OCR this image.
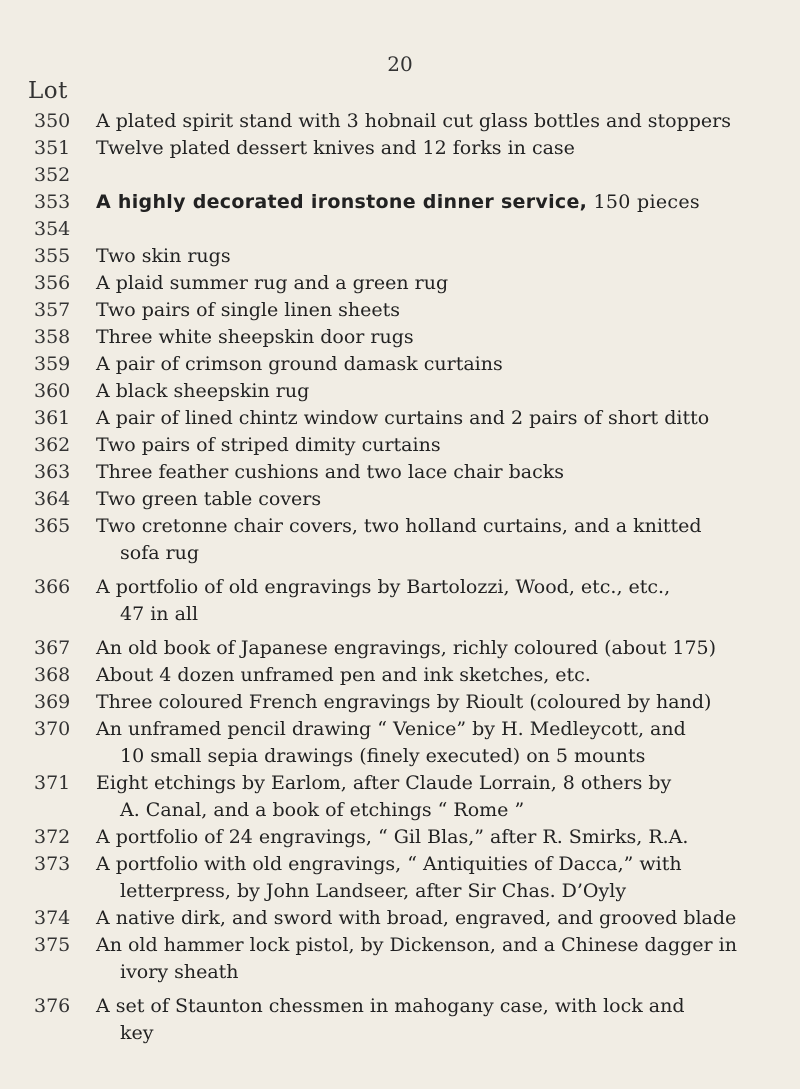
20
Lot
350	A plated spirit stand with 3 hobnail cut glass bottles and stoppers
351	Twelve plated dessert knives and 12 forks in case
352
353	A highly decorated ironstone dinner service, 150 pieces
354
355	Two skin rugs
356	A plaid summer rug and a green rug
357	Two pairs of single linen sheets
358	Three white sheepskin door rugs
359	A pair of crimson ground damask curtains
360	A black sheepskin rug
361	A pair of lined chintz window curtains and 2 pairs of short ditto
362	Two pairs of striped dimity curtains
363	Three feather cushions and two lace chair backs
364	Two green table covers
365	Two cretonne chair covers, two holland curtains, and a knitted
sofa rug
366	A portfolio of old engravings by Bartolozzi, Wood, etc., etc.,
47 in all
367	An old book of Japanese engravings, richly coloured (about 175)
368	About 4 dozen unframed pen and ink sketches, etc.
369	Three coloured French engravings by Rioult (coloured by hand)
370	An unframed pencil drawing “ Venice” by H. Medleycott, and
10 small sepia drawings (finely executed) on 5 mounts
371	Eight etchings by Earlom, after Claude Lorrain, 8 others by
A. Canal, and a book of etchings “ Rome ”
372	A portfolio of 24 engravings, “ Gil Blas,” after R. Smirks, R.A.
373	A portfolio with old engravings, “ Antiquities of Dacca,” with
letterpress, by John Landseer, after Sir Chas. D’Oyly
374	A native dirk, and sword with broad, engraved, and grooved blade
375	An old hammer lock pistol, by Dickenson, and a Chinese dagger in
ivory sheath
376	A set of Staunton chessmen in mahogany case, with lock and
key
